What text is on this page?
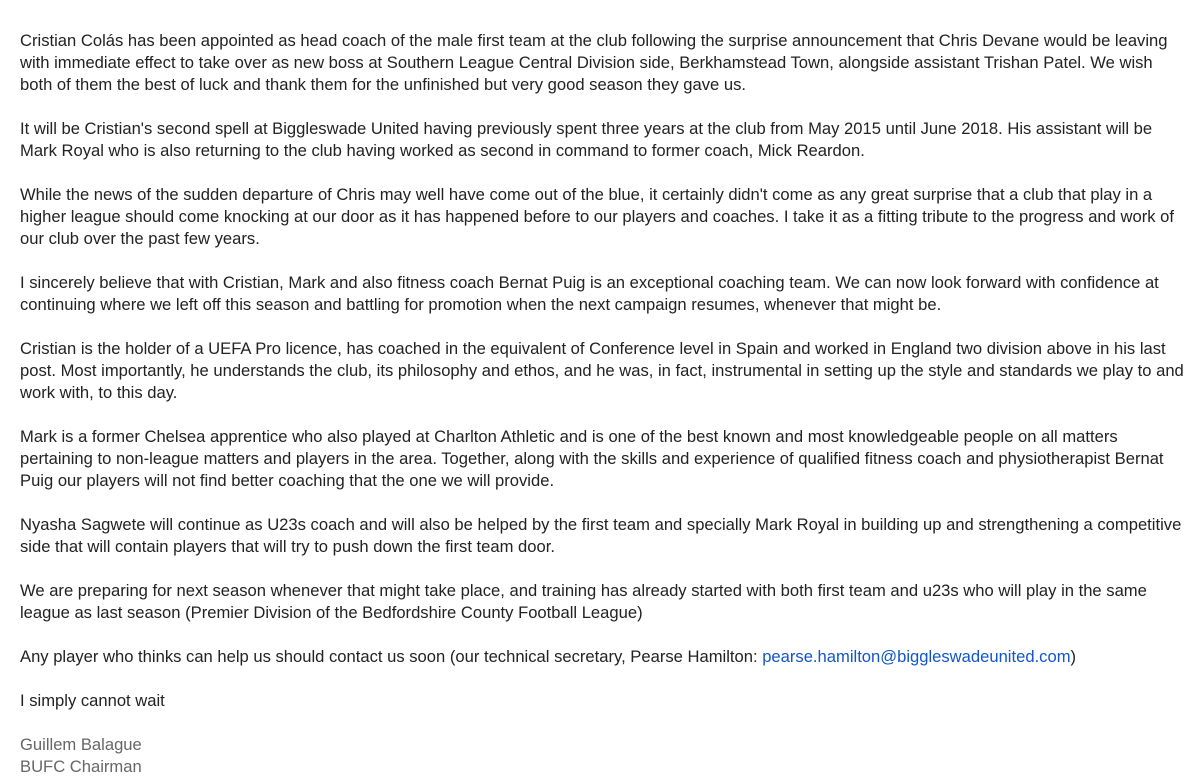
Cristian Colás has been appointed as head coach of the male first team at the club following the surprise announcement that Chris Devane would be leaving with immediate effect to take over as new boss at Southern League Central Division side, Berkhamstead Town, alongside assistant Trishan Patel. We wish both of them the best of luck and thank them for the unfinished but very good season they gave us.

It will be Cristian's second spell at Biggleswade United having previously spent three years at the club from May 2015 until June 2018. His assistant will be Mark Royal who is also returning to the club having worked as second in command to former coach, Mick Reardon.

While the news of the sudden departure of Chris may well have come out of the blue, it certainly didn't come as any great surprise that a club that play in a higher league should come knocking at our door as it has happened before to our players and coaches. I take it as a fitting tribute to the progress and work of our club over the past few years.

I sincerely believe that with Cristian, Mark and also fitness coach Bernat Puig is an exceptional coaching team. We can now look forward with confidence at continuing where we left off this season and battling for promotion when the next campaign resumes, whenever that might be.

Cristian is the holder of a UEFA Pro licence, has coached in the equivalent of Conference level in Spain and worked in England two division above in his last post. Most importantly, he understands the club, its philosophy and ethos, and he was, in fact, instrumental in setting up the style and standards we play to and work with, to this day.

Mark is a former Chelsea apprentice who also played at Charlton Athletic and is one of the best known and most knowledgeable people on all matters pertaining to non-league matters and players in the area. Together, along with the skills and experience of qualified fitness coach and physiotherapist Bernat Puig our players will not find better coaching that the one we will provide.

Nyasha Sagwete will continue as U23s coach and will also be helped by the first team and specially Mark Royal in building up and strengthening a competitive side that will contain players that will try to push down the first team door.

We are preparing for next season whenever that might take place, and training has already started with both first team and u23s who will play in the same league as last season (Premier Division of the Bedfordshire County Football League)

Any player who thinks can help us should contact us soon (our technical secretary, Pearse Hamilton: pearse.hamilton@biggleswadeunited.com)

I simply cannot wait

Guillem Balague
BUFC Chairman
